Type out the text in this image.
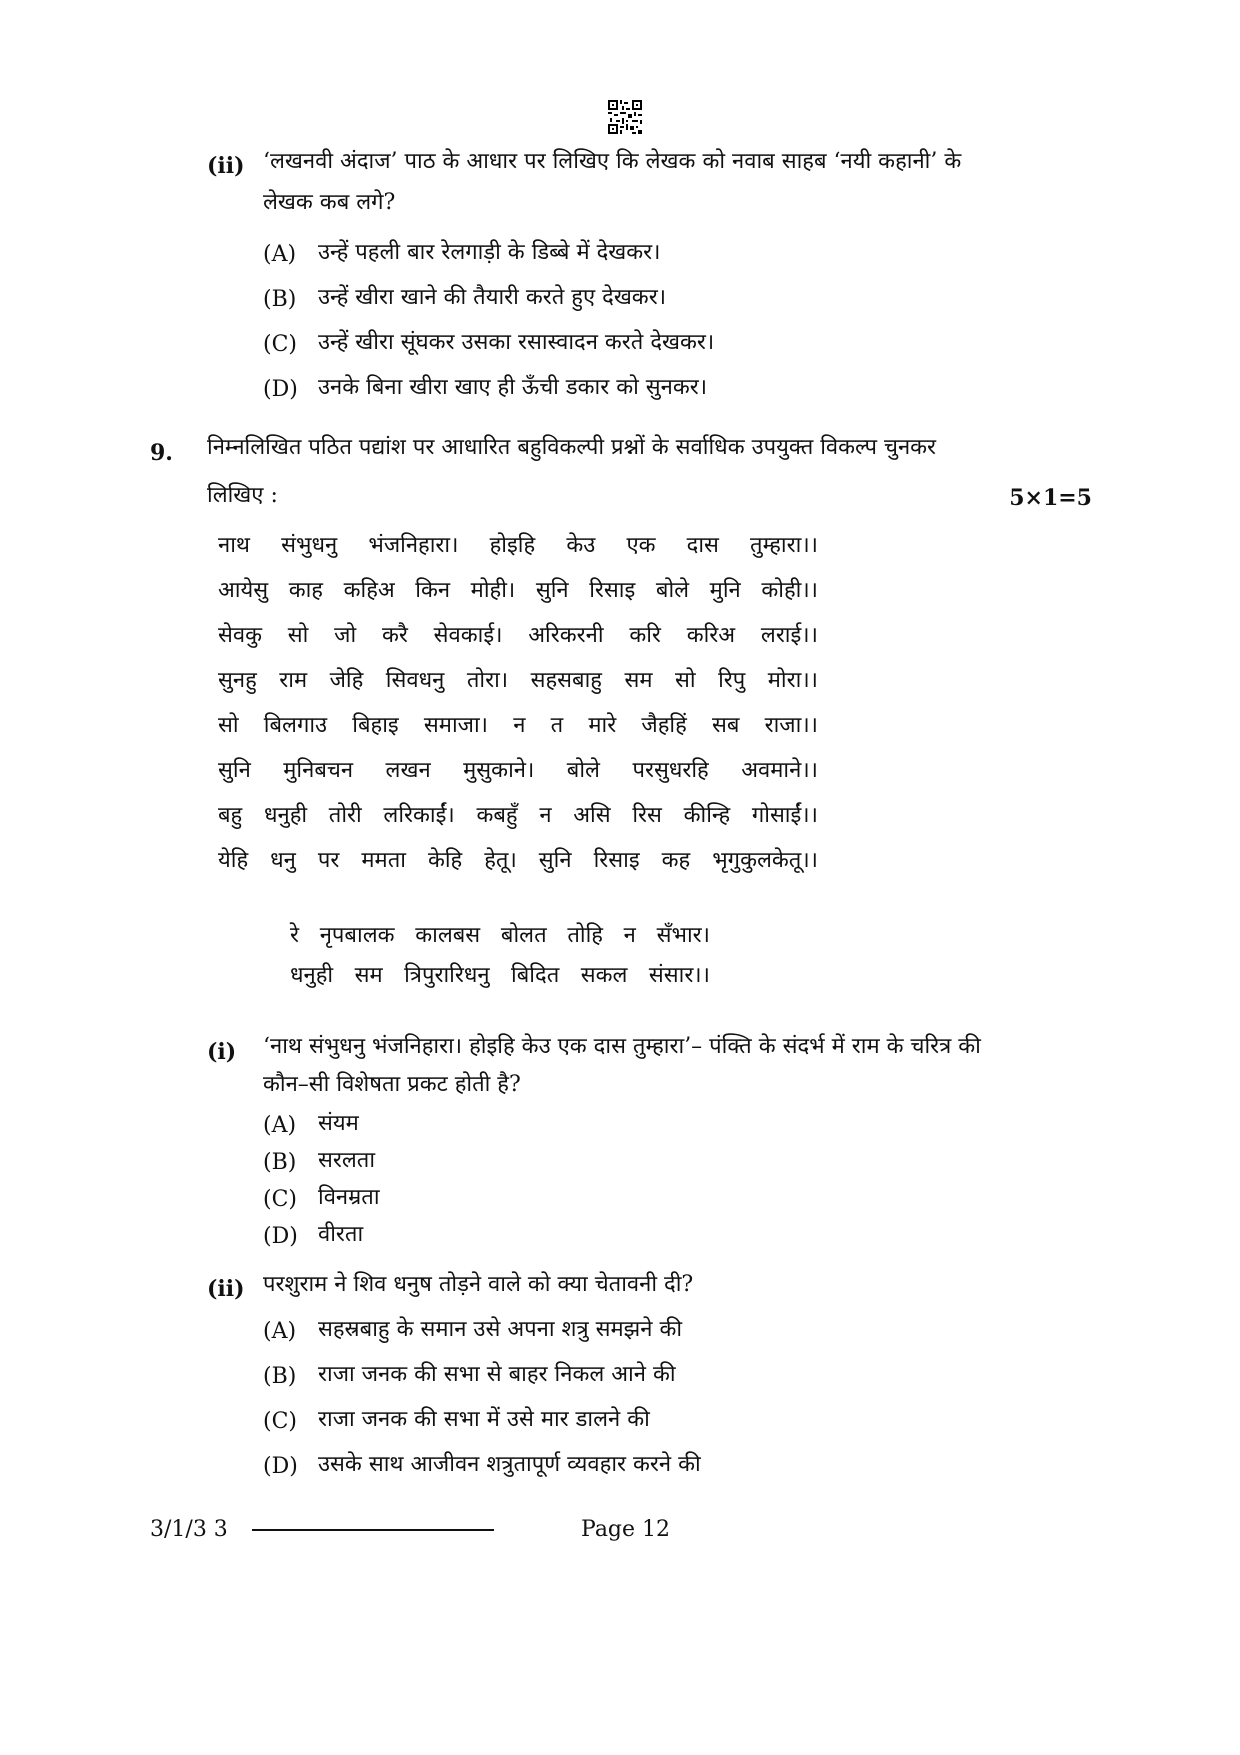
(ii) ‘लखनवी अंदाज’ पाठ के आधार पर लिखिए कि लेखक को नवाब साहब ‘नयी कहानी’ के
लेखक कब लगे?
(A) उन्हें पहली बार रेलगाड़ी के डिब्बे में देखकर।
(B) उन्हें खीरा खाने की तैयारी करते हुए देखकर।
(C) उन्हें खीरा सूंघकर उसका रसास्वादन करते देखकर।
(D) उनके बिना खीरा खाए ही ऊँची डकार को सुनकर।
9. निम्नलिखित पठित पद्यांश पर आधारित बहुविकल्पी प्रश्नों के सर्वाधिक उपयुक्त विकल्प चुनकर
लिखिए :	5×1=5
नाथ संभुधनु भंजनिहारा। होइहि केउ एक दास तुम्हारा।।
आयेसु काह कहिअ किन मोही। सुनि रिसाइ बोले मुनि कोही।।
सेवकु सो जो करै सेवकाई। अरिकरनी करि करिअ लराई।।
सुनहु राम जेहि सिवधनु तोरा। सहसबाहु सम सो रिपु मोरा।।
सो बिलगाउ बिहाइ समाजा। न त मारे जैहहिं सब राजा।।
सुनि मुनिबचन लखन मुसुकाने। बोले परसुधरहि अवमाने।।
बहु धनुही तोरी लरिकाईं। कबहुँ न असि रिस कीन्हि गोसाईं।।
येहि धनु पर ममता केहि हेतू। सुनि रिसाइ कह भृगुकुलकेतू।।
रे नृपबालक कालबस बोलत तोहि न सँभार।
धनुही सम त्रिपुरारिधनु बिदित सकल संसार।।
(i) ‘नाथ संभुधनु भंजनिहारा। होइहि केउ एक दास तुम्हारा’– पंक्ति के संदर्भ में राम के चरित्र की
कौन–सी विशेषता प्रकट होती है?
(A) संयम
(B) सरलता
(C) विनम्रता
(D) वीरता
(ii) परशुराम ने शिव धनुष तोड़ने वाले को क्या चेतावनी दी?
(A) सहस्रबाहु के समान उसे अपना शत्रु समझने की
(B) राजा जनक की सभा से बाहर निकल आने की
(C) राजा जनक की सभा में उसे मार डालने की
(D) उसके साथ आजीवन शत्रुतापूर्ण व्यवहार करने की
3/1/3 3	Page 12
